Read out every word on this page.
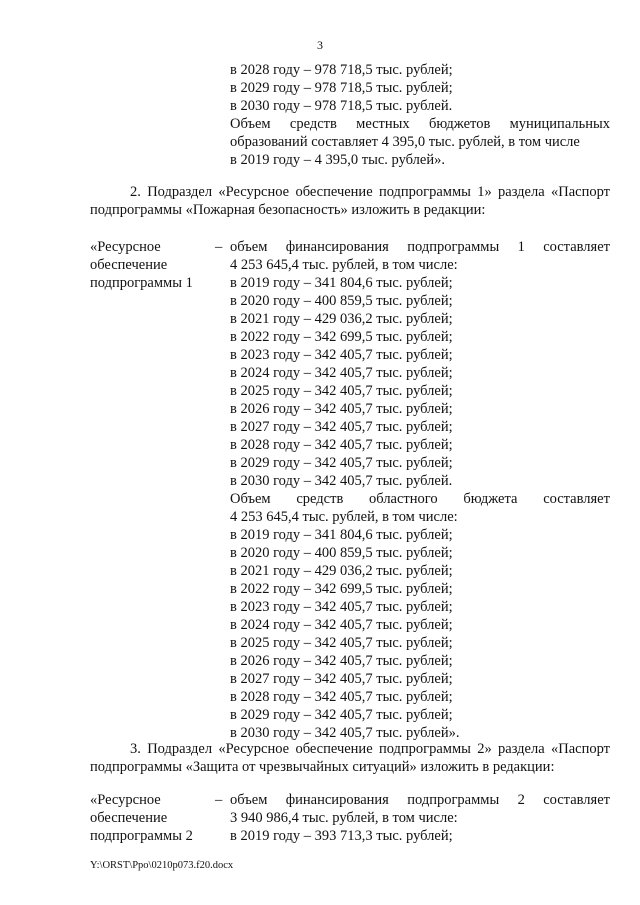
3
в 2028 году – 978 718,5 тыс. рублей;
в 2029 году – 978 718,5 тыс. рублей;
в 2030 году – 978 718,5 тыс. рублей.
Объем средств местных бюджетов муниципальных
образований составляет 4 395,0 тыс. рублей, в том числе
в 2019 году – 4 395,0 тыс. рублей».
2. Подраздел «Ресурсное обеспечение подпрограммы 1» раздела «Паспорт
подпрограммы «Пожарная безопасность» изложить в редакции:
«Ресурсное
обеспечение
подпрограммы 1
– объем финансирования подпрограммы 1 составляет
4 253 645,4 тыс. рублей, в том числе:
в 2019 году – 341 804,6 тыс. рублей;
в 2020 году – 400 859,5 тыс. рублей;
в 2021 году – 429 036,2 тыс. рублей;
в 2022 году – 342 699,5 тыс. рублей;
в 2023 году – 342 405,7 тыс. рублей;
в 2024 году – 342 405,7 тыс. рублей;
в 2025 году – 342 405,7 тыс. рублей;
в 2026 году – 342 405,7 тыс. рублей;
в 2027 году – 342 405,7 тыс. рублей;
в 2028 году – 342 405,7 тыс. рублей;
в 2029 году – 342 405,7 тыс. рублей;
в 2030 году – 342 405,7 тыс. рублей.
Объем средств областного бюджета составляет
4 253 645,4 тыс. рублей, в том числе:
в 2019 году – 341 804,6 тыс. рублей;
в 2020 году – 400 859,5 тыс. рублей;
в 2021 году – 429 036,2 тыс. рублей;
в 2022 году – 342 699,5 тыс. рублей;
в 2023 году – 342 405,7 тыс. рублей;
в 2024 году – 342 405,7 тыс. рублей;
в 2025 году – 342 405,7 тыс. рублей;
в 2026 году – 342 405,7 тыс. рублей;
в 2027 году – 342 405,7 тыс. рублей;
в 2028 году – 342 405,7 тыс. рублей;
в 2029 году – 342 405,7 тыс. рублей;
в 2030 году – 342 405,7 тыс. рублей».
3. Подраздел «Ресурсное обеспечение подпрограммы 2» раздела «Паспорт
подпрограммы «Защита от чрезвычайных ситуаций» изложить в редакции:
«Ресурсное
обеспечение
подпрограммы 2
– объем финансирования подпрограммы 2 составляет
3 940 986,4 тыс. рублей, в том числе:
в 2019 году – 393 713,3 тыс. рублей;
Y:\ORST\Ppo\0210p073.f20.docx
